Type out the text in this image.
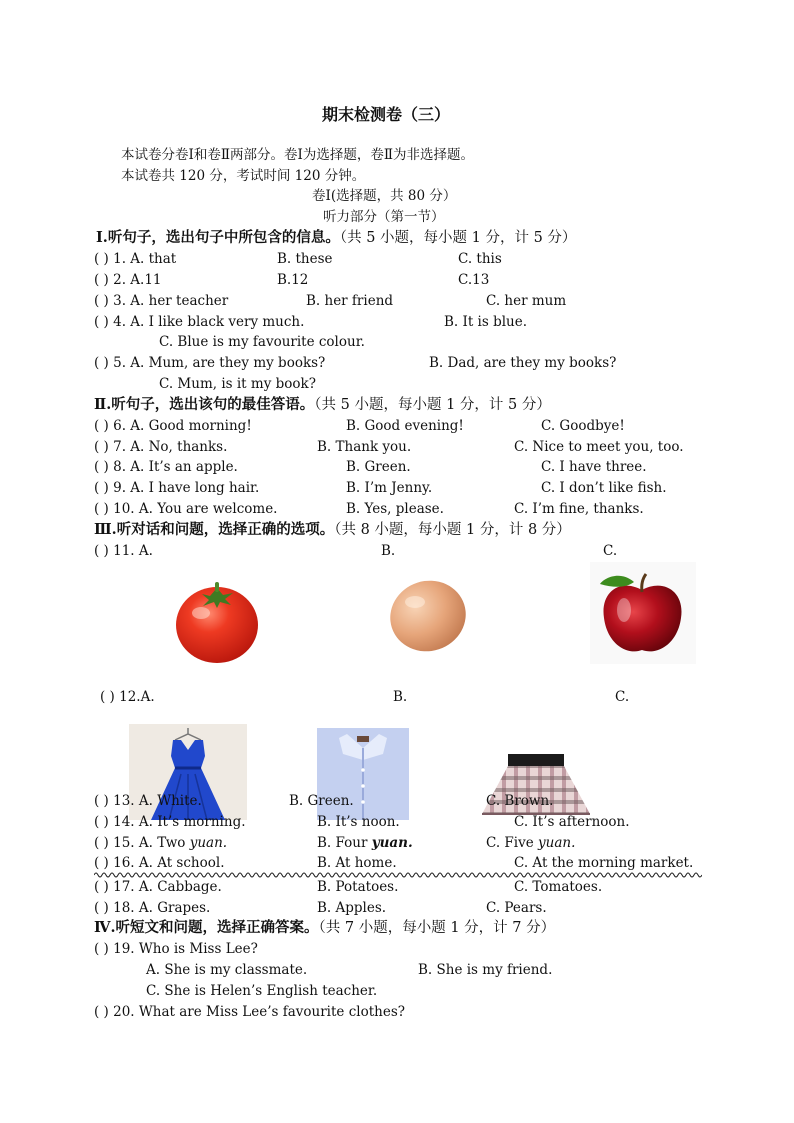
期末检测卷（三）
本试卷分卷Ⅰ和卷Ⅱ两部分。卷Ⅰ为选择题，卷Ⅱ为非选择题。
本试卷共 120 分，考试时间 120 分钟。
卷Ⅰ(选择题，共 80 分）
听力部分（第一节）
Ⅰ.听句子，选出句子中所包含的信息。（共 5 小题，每小题 1 分，计 5 分）
( ) 1. A. that	B. these	C. this
( ) 2. A.11	B.12	C.13
( ) 3. A. her teacher	B. her friend	C. her mum
( ) 4. A. I like black very much.	B. It is blue.
C. Blue is my favourite colour.
( ) 5. A. Mum, are they my books?	B. Dad, are they my books?
C. Mum, is it my book?
Ⅱ.听句子，选出该句的最佳答语。（共 5 小题，每小题 1 分，计 5 分）
( ) 6. A. Good morning!	B. Good evening!	C. Goodbye!
( ) 7. A. No, thanks.	B. Thank you.	C. Nice to meet you, too.
( ) 8. A. It’s an apple.	B. Green.	C. I have three.
( ) 9. A. I have long hair.	B. I’m Jenny.	C. I don’t like fish.
( ) 10. A. You are welcome.	B. Yes, please.	C. I’m fine, thanks.
Ⅲ.听对话和问题，选择正确的选项。（共 8 小题，每小题 1 分，计 8 分）
( ) 11. A.	B.	C.
( ) 12.A.	B.	C.
( ) 13. A. White.	B. Green.	C. Brown.
( ) 14. A. It’s morning.	B. It’s noon.	C. It’s afternoon.
( ) 15. A. Two yuan.	B. Four yuan.	C. Five yuan.
( ) 16. A. At school.	B. At home.	C. At the morning market.
( ) 17. A. Cabbage.	B. Potatoes.	C. Tomatoes.
( ) 18. A. Grapes.	B. Apples.	C. Pears.
Ⅳ.听短文和问题，选择正确答案。（共 7 小题，每小题 1 分，计 7 分）
( ) 19. Who is Miss Lee?
A. She is my classmate.	B. She is my friend.
C. She is Helen’s English teacher.
( ) 20. What are Miss Lee’s favourite clothes?
